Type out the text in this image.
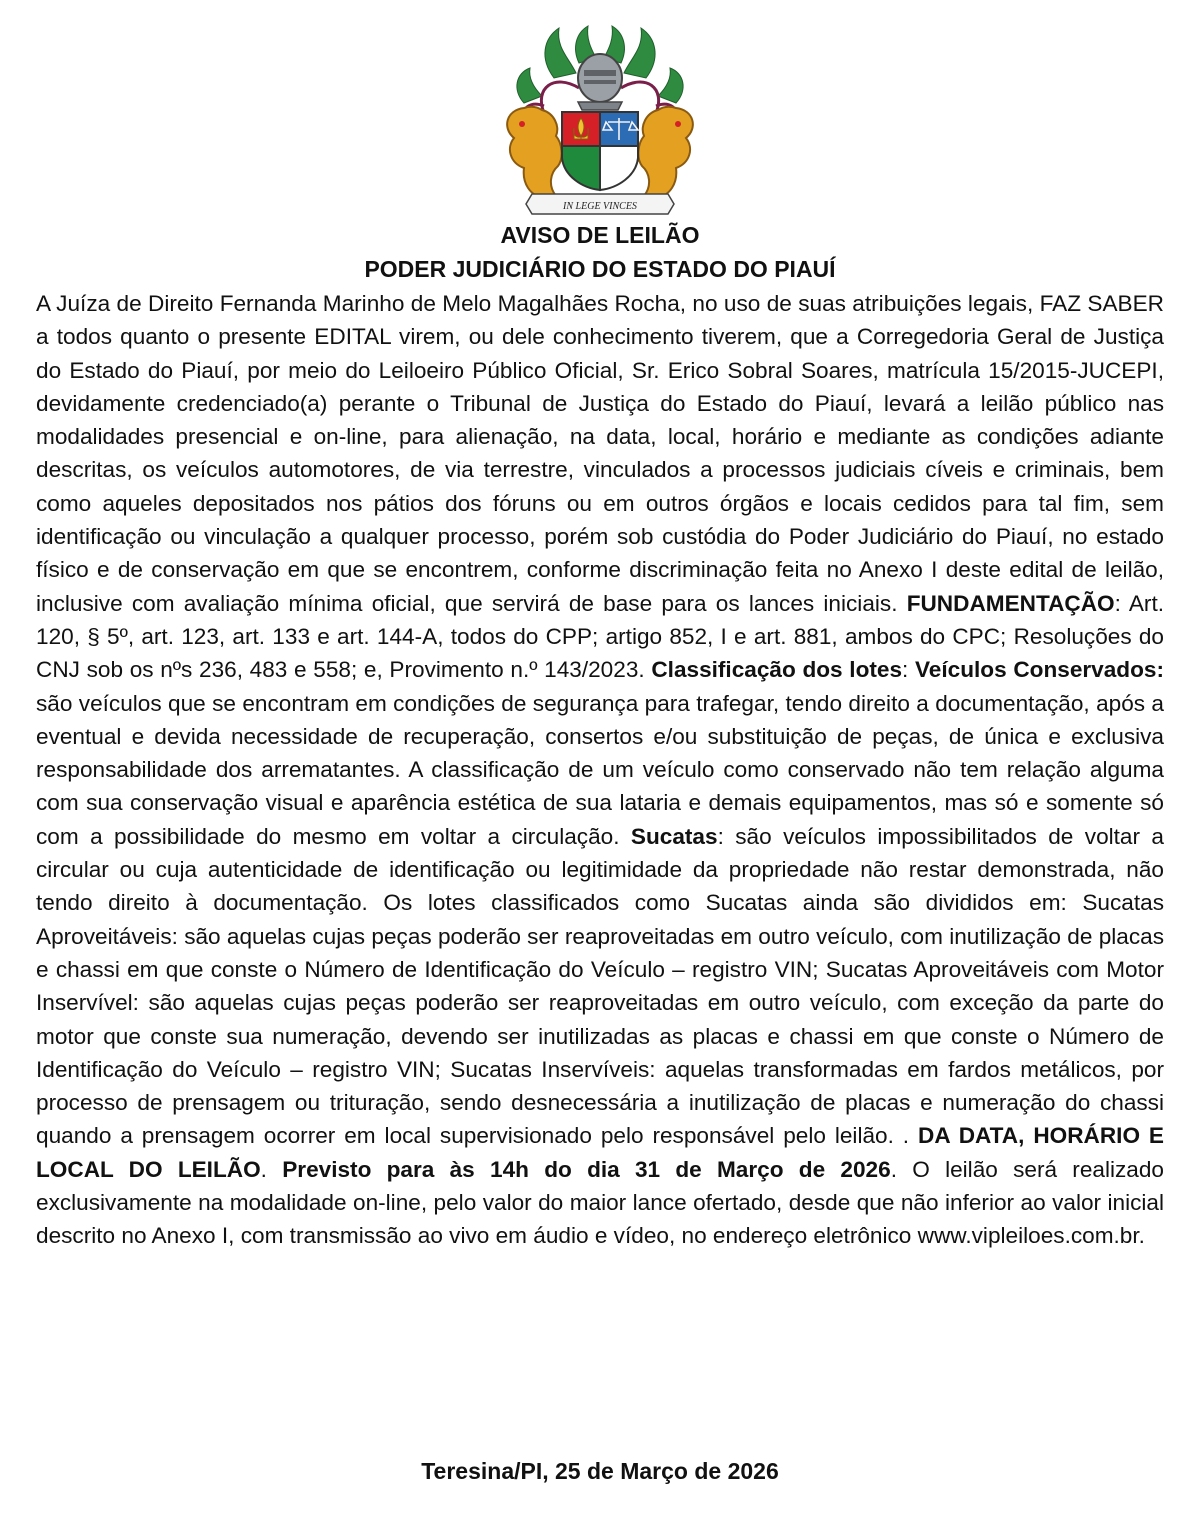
IN LEGE VINCES
AVISO DE LEILÃO
PODER JUDICIÁRIO DO ESTADO DO PIAUÍ
A Juíza de Direito Fernanda Marinho de Melo Magalhães Rocha, no uso de suas atribuições legais, FAZ SABER a todos quanto o presente EDITAL virem, ou dele conhecimento tiverem, que a Corregedoria Geral de Justiça do Estado do Piauí, por meio do Leiloeiro Público Oficial, Sr. Erico Sobral Soares, matrícula 15/2015-JUCEPI, devidamente credenciado(a) perante o Tribunal de Justiça do Estado do Piauí, levará a leilão público nas modalidades presencial e on-line, para alienação, na data, local, horário e mediante as condições adiante descritas, os veículos automotores, de via terrestre, vinculados a processos judiciais cíveis e criminais, bem como aqueles depositados nos pátios dos fóruns ou em outros órgãos e locais cedidos para tal fim, sem identificação ou vinculação a qualquer processo, porém sob custódia do Poder Judiciário do Piauí, no estado físico e de conservação em que se encontrem, conforme discriminação feita no Anexo I deste edital de leilão, inclusive com avaliação mínima oficial, que servirá de base para os lances iniciais. FUNDAMENTAÇÃO: Art. 120, § 5º, art. 123, art. 133 e art. 144-A, todos do CPP; artigo 852, I e art. 881, ambos do CPC; Resoluções do CNJ sob os nºs 236, 483 e 558; e, Provimento n.º 143/2023. Classificação dos lotes: Veículos Conservados: são veículos que se encontram em condições de segurança para trafegar, tendo direito a documentação, após a eventual e devida necessidade de recuperação, consertos e/ou substituição de peças, de única e exclusiva responsabilidade dos arrematantes. A classificação de um veículo como conservado não tem relação alguma com sua conservação visual e aparência estética de sua lataria e demais equipamentos, mas só e somente só com a possibilidade do mesmo em voltar a circulação. Sucatas: são veículos impossibilitados de voltar a circular ou cuja autenticidade de identificação ou legitimidade da propriedade não restar demonstrada, não tendo direito à documentação. Os lotes classificados como Sucatas ainda são divididos em: Sucatas Aproveitáveis: são aquelas cujas peças poderão ser reaproveitadas em outro veículo, com inutilização de placas e chassi em que conste o Número de Identificação do Veículo – registro VIN; Sucatas Aproveitáveis com Motor Inservível: são aquelas cujas peças poderão ser reaproveitadas em outro veículo, com exceção da parte do motor que conste sua numeração, devendo ser inutilizadas as placas e chassi em que conste o Número de Identificação do Veículo – registro VIN; Sucatas Inservíveis: aquelas transformadas em fardos metálicos, por processo de prensagem ou trituração, sendo desnecessária a inutilização de placas e numeração do chassi quando a prensagem ocorrer em local supervisionado pelo responsável pelo leilão. . DA DATA, HORÁRIO E LOCAL DO LEILÃO. Previsto para às 14h do dia 31 de Março de 2026. O leilão será realizado exclusivamente na modalidade on-line, pelo valor do maior lance ofertado, desde que não inferior ao valor inicial descrito no Anexo I, com transmissão ao vivo em áudio e vídeo, no endereço eletrônico www.vipleiloes.com.br.
Teresina/PI, 25 de Março de 2026
